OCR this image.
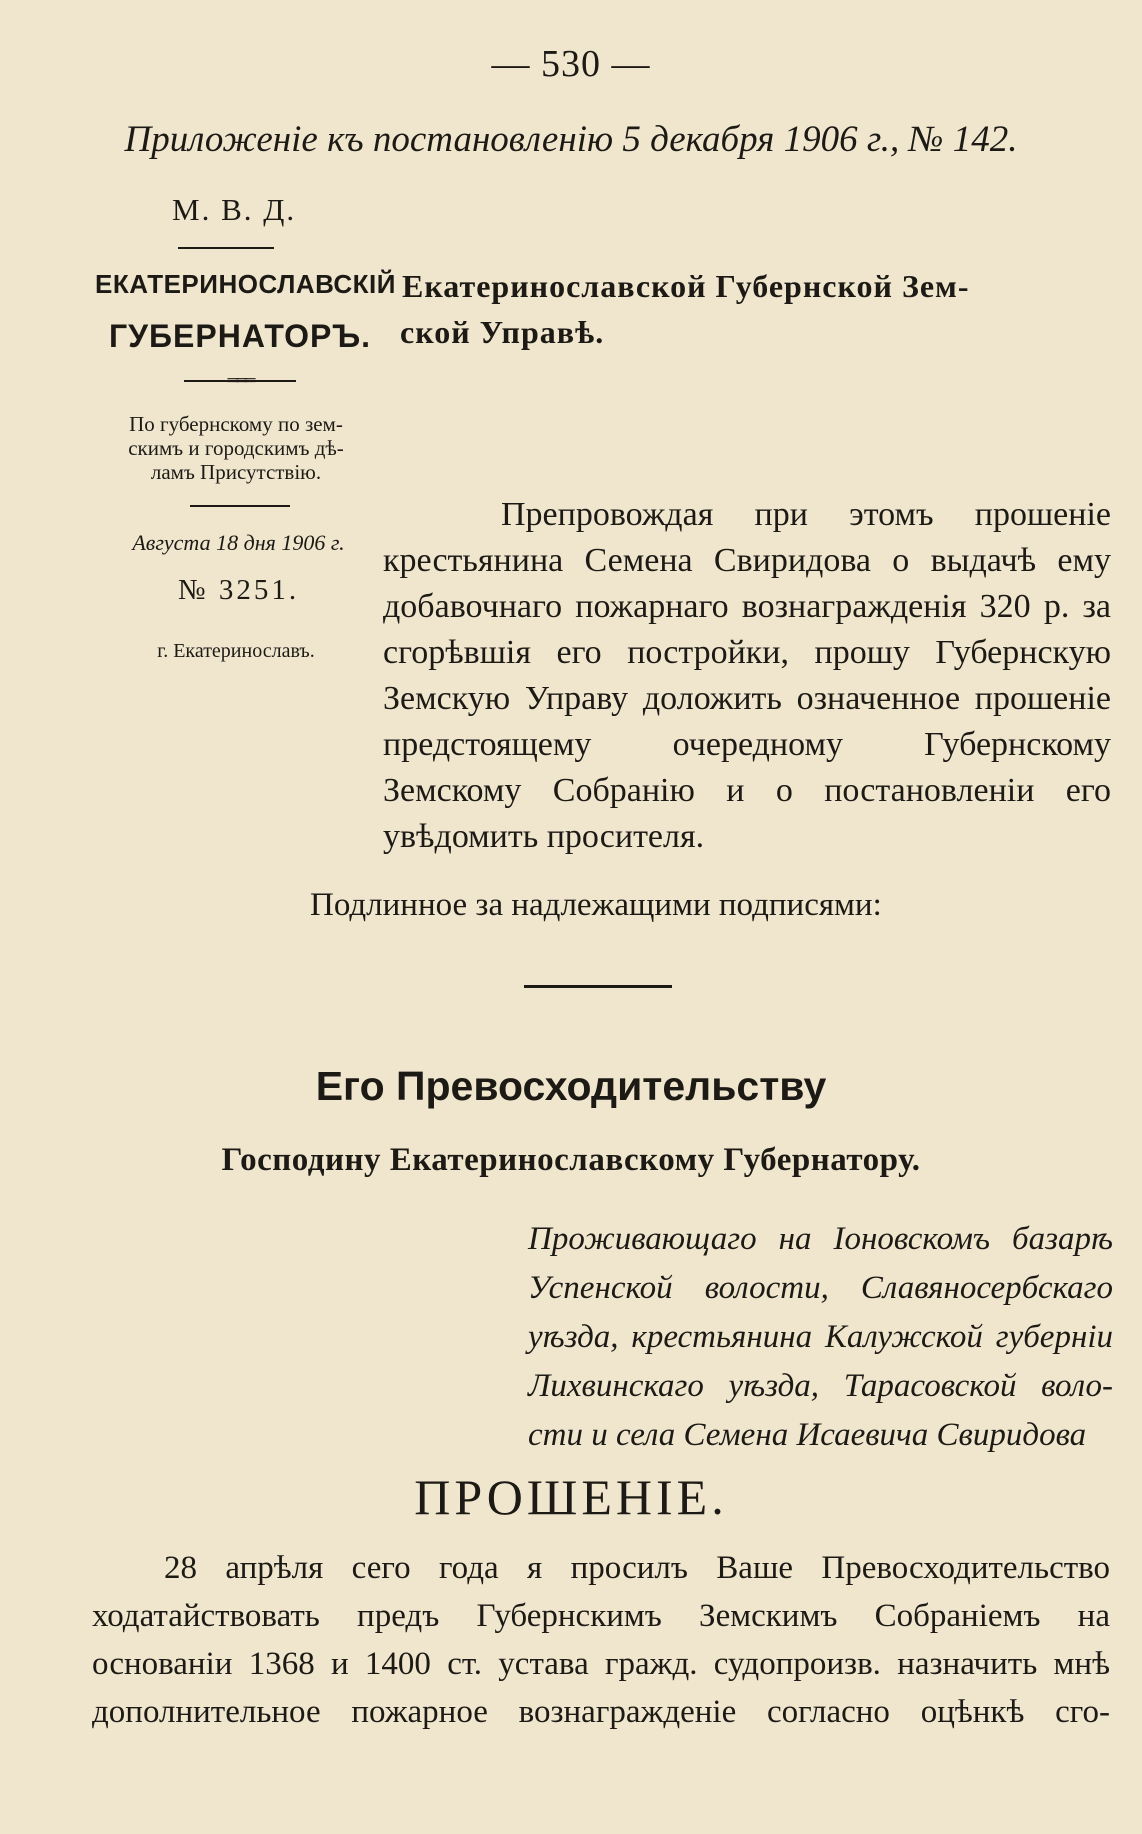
— 530 —
Приложенiе къ постановленiю 5 декабря 1906 г., № 142.
М. В. Д.
ЕКАТЕРИНОСЛАВСКIЙ
ГУБЕРНАТОРЪ.
═══
По губернскому по зем-
скимъ и городскимъ дѣ-
ламъ Присутствiю.
Августа 18 дня 1906 г.
№ 3251.
г. Екатеринославъ.
Екатеринославской Губернской Зем-
ской Управѣ.

Препровождая при этомъ прошенiе крестьянина Семена Свиридова о выдачѣ ему добавочнаго пожарнаго вознагражденiя 320 р. за сгорѣвшiя его постройки, прошу Губернскую Земскую Управу доложить означенное прошенiе предстоящему очередному Губернскому Земскому Собранiю и о постановленiи его увѣдомить просителя.

Подлинное за надлежащими подписями:
Его Превосходительству
Господину Екатеринославскому Губернатору.
Проживающаго на Iоновскомъ базарѣ
Успенской волости, Славяносербскаго
уѣзда, крестьянина Калужской губернiи
Лихвинскаго уѣзда, Тарасовской воло-
сти и села Семена Исаевича Свиридова
ПРОШЕНIЕ.

28 апрѣля сего года я просилъ Ваше Превосходительство ходатайствовать предъ Губернскимъ Земскимъ Собранiемъ на основанiи 1368 и 1400 ст. устава гражд. судопроизв. назначить мнѣ дополнительное пожарное вознагражденiе согласно оцѣнкѣ сго-
